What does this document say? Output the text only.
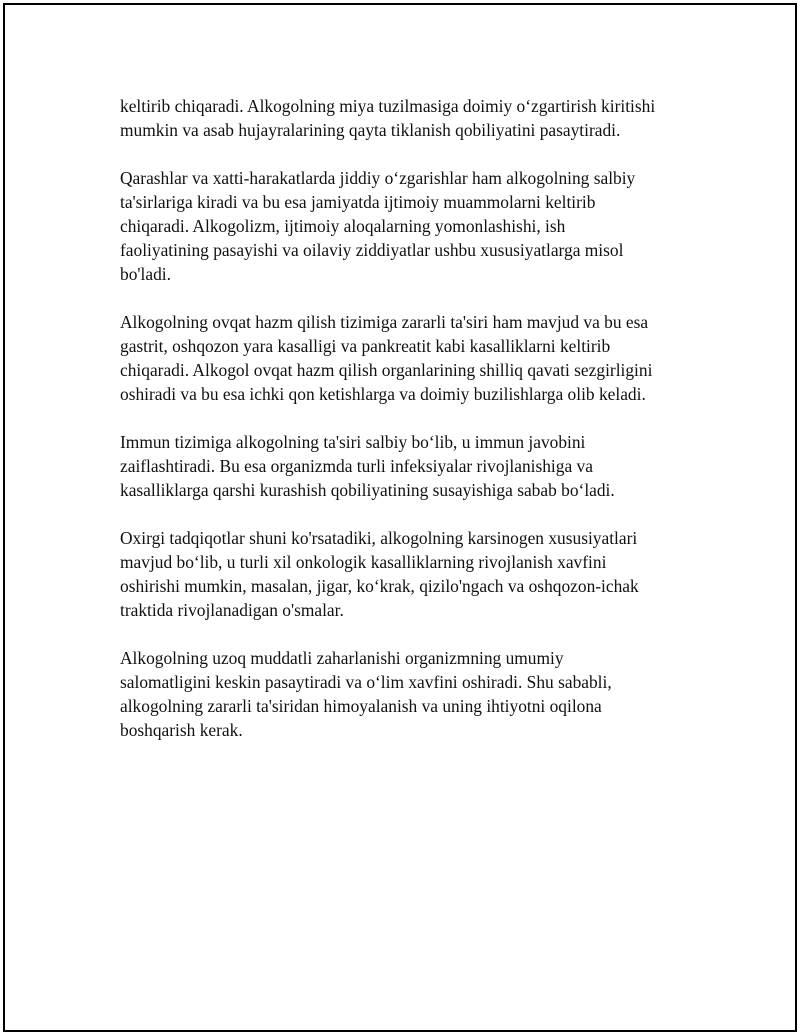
keltirib chiqaradi. Alkogolning miya tuzilmasiga doimiy o‘zgartirish kiritishi
mumkin va asab hujayralarining qayta tiklanish qobiliyatini pasaytiradi.

Qarashlar va xatti-harakatlarda jiddiy o‘zgarishlar ham alkogolning salbiy
ta'sirlariga kiradi va bu esa jamiyatda ijtimoiy muammolarni keltirib
chiqaradi. Alkogolizm, ijtimoiy aloqalarning yomonlashishi, ish
faoliyatining pasayishi va oilaviy ziddiyatlar ushbu xususiyatlarga misol
bo'ladi.

Alkogolning ovqat hazm qilish tizimiga zararli ta'siri ham mavjud va bu esa
gastrit, oshqozon yara kasalligi va pankreatit kabi kasalliklarni keltirib
chiqaradi. Alkogol ovqat hazm qilish organlarining shilliq qavati sezgirligini
oshiradi va bu esa ichki qon ketishlarga va doimiy buzilishlarga olib keladi.

Immun tizimiga alkogolning ta'siri salbiy bo‘lib, u immun javobini
zaiflashtiradi. Bu esa organizmda turli infeksiyalar rivojlanishiga va
kasalliklarga qarshi kurashish qobiliyatining susayishiga sabab bo‘ladi.

Oxirgi tadqiqotlar shuni ko'rsatadiki, alkogolning karsinogen xususiyatlari
mavjud bo‘lib, u turli xil onkologik kasalliklarning rivojlanish xavfini
oshirishi mumkin, masalan, jigar, ko‘krak, qizilo'ngach va oshqozon-ichak
traktida rivojlanadigan o'smalar.

Alkogolning uzoq muddatli zaharlanishi organizmning umumiy
salomatligini keskin pasaytiradi va o‘lim xavfini oshiradi. Shu sababli,
alkogolning zararli ta'siridan himoyalanish va uning ihtiyotni oqilona
boshqarish kerak.
